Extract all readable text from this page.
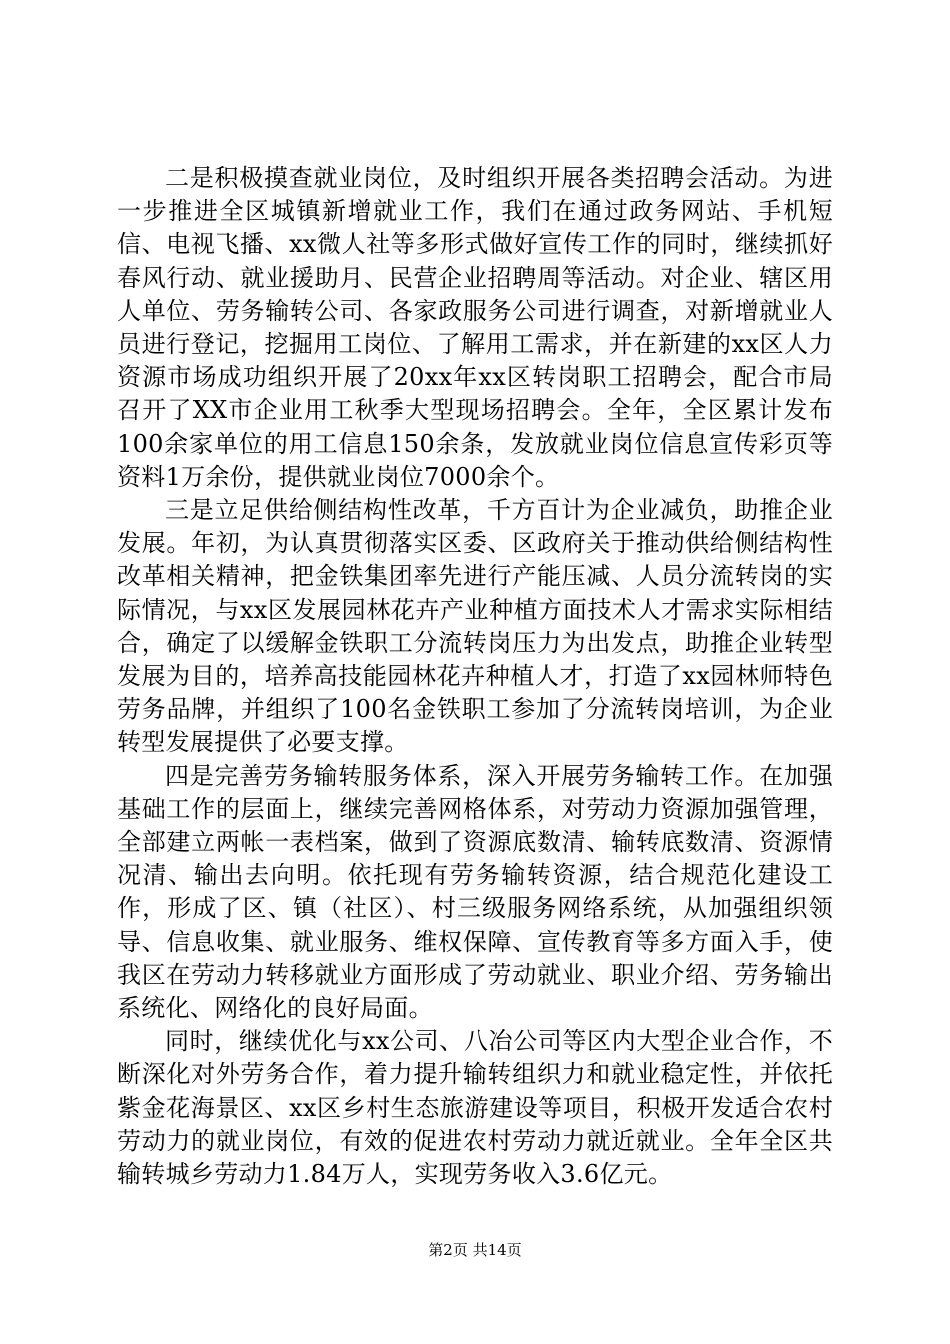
二是积极摸查就业岗位，及时组织开展各类招聘会活动。为进一步推进全区城镇新增就业工作，我们在通过政务网站、手机短信、电视飞播、xx微人社等多形式做好宣传工作的同时，继续抓好春风行动、就业援助月、民营企业招聘周等活动。对企业、辖区用人单位、劳务输转公司、各家政服务公司进行调查，对新增就业人员进行登记，挖掘用工岗位、了解用工需求，并在新建的xx区人力资源市场成功组织开展了20xx年xx区转岗职工招聘会，配合市局召开了XX市企业用工秋季大型现场招聘会。全年，全区累计发布100余家单位的用工信息150余条，发放就业岗位信息宣传彩页等资料1万余份，提供就业岗位7000余个。

三是立足供给侧结构性改革，千方百计为企业减负，助推企业发展。年初，为认真贯彻落实区委、区政府关于推动供给侧结构性改革相关精神，把金铁集团率先进行产能压减、人员分流转岗的实际情况，与xx区发展园林花卉产业种植方面技术人才需求实际相结合，确定了以缓解金铁职工分流转岗压力为出发点，助推企业转型发展为目的，培养高技能园林花卉种植人才，打造了xx园林师特色劳务品牌，并组织了100名金铁职工参加了分流转岗培训，为企业转型发展提供了必要支撑。

四是完善劳务输转服务体系，深入开展劳务输转工作。在加强基础工作的层面上，继续完善网格体系，对劳动力资源加强管理，全部建立两帐一表档案，做到了资源底数清、输转底数清、资源情况清、输出去向明。依托现有劳务输转资源，结合规范化建设工作，形成了区、镇（社区）、村三级服务网络系统，从加强组织领导、信息收集、就业服务、维权保障、宣传教育等多方面入手，使我区在劳动力转移就业方面形成了劳动就业、职业介绍、劳务输出系统化、网络化的良好局面。

同时，继续优化与xx公司、八冶公司等区内大型企业合作，不断深化对外劳务合作，着力提升输转组织力和就业稳定性，并依托紫金花海景区、xx区乡村生态旅游建设等项目，积极开发适合农村劳动力的就业岗位，有效的促进农村劳动力就近就业。全年全区共输转城乡劳动力1.84万人，实现劳务收入3.6亿元。

第2页 共14页
